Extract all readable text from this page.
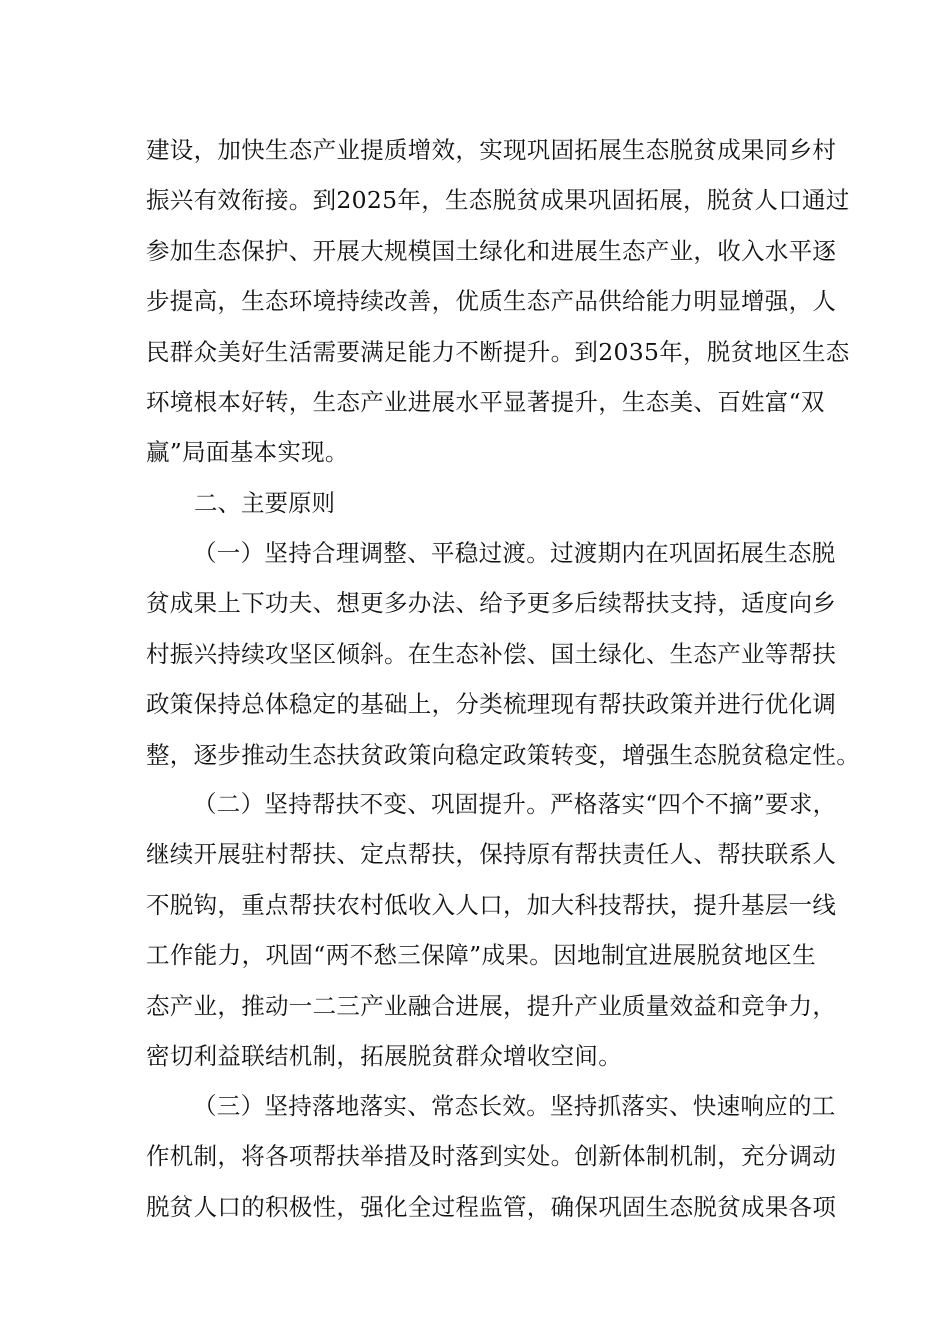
建设，加快生态产业提质增效，实现巩固拓展生态脱贫成果同乡村
振兴有效衔接。到2025年，生态脱贫成果巩固拓展，脱贫人口通过
参加生态保护、开展大规模国土绿化和进展生态产业，收入水平逐
步提高，生态环境持续改善，优质生态产品供给能力明显增强，人
民群众美好生活需要满足能力不断提升。到2035年，脱贫地区生态
环境根本好转，生态产业进展水平显著提升，生态美、百姓富“双
赢”局面基本实现。
二、主要原则
（一）坚持合理调整、平稳过渡。过渡期内在巩固拓展生态脱
贫成果上下功夫、想更多办法、给予更多后续帮扶支持，适度向乡
村振兴持续攻坚区倾斜。在生态补偿、国土绿化、生态产业等帮扶
政策保持总体稳定的基础上，分类梳理现有帮扶政策并进行优化调
整，逐步推动生态扶贫政策向稳定政策转变，增强生态脱贫稳定性。
（二）坚持帮扶不变、巩固提升。严格落实“四个不摘”要求，
继续开展驻村帮扶、定点帮扶，保持原有帮扶责任人、帮扶联系人
不脱钩，重点帮扶农村低收入人口，加大科技帮扶，提升基层一线
工作能力，巩固“两不愁三保障”成果。因地制宜进展脱贫地区生
态产业，推动一二三产业融合进展，提升产业质量效益和竞争力，
密切利益联结机制，拓展脱贫群众增收空间。
（三）坚持落地落实、常态长效。坚持抓落实、快速响应的工
作机制，将各项帮扶举措及时落到实处。创新体制机制，充分调动
脱贫人口的积极性，强化全过程监管，确保巩固生态脱贫成果各项
